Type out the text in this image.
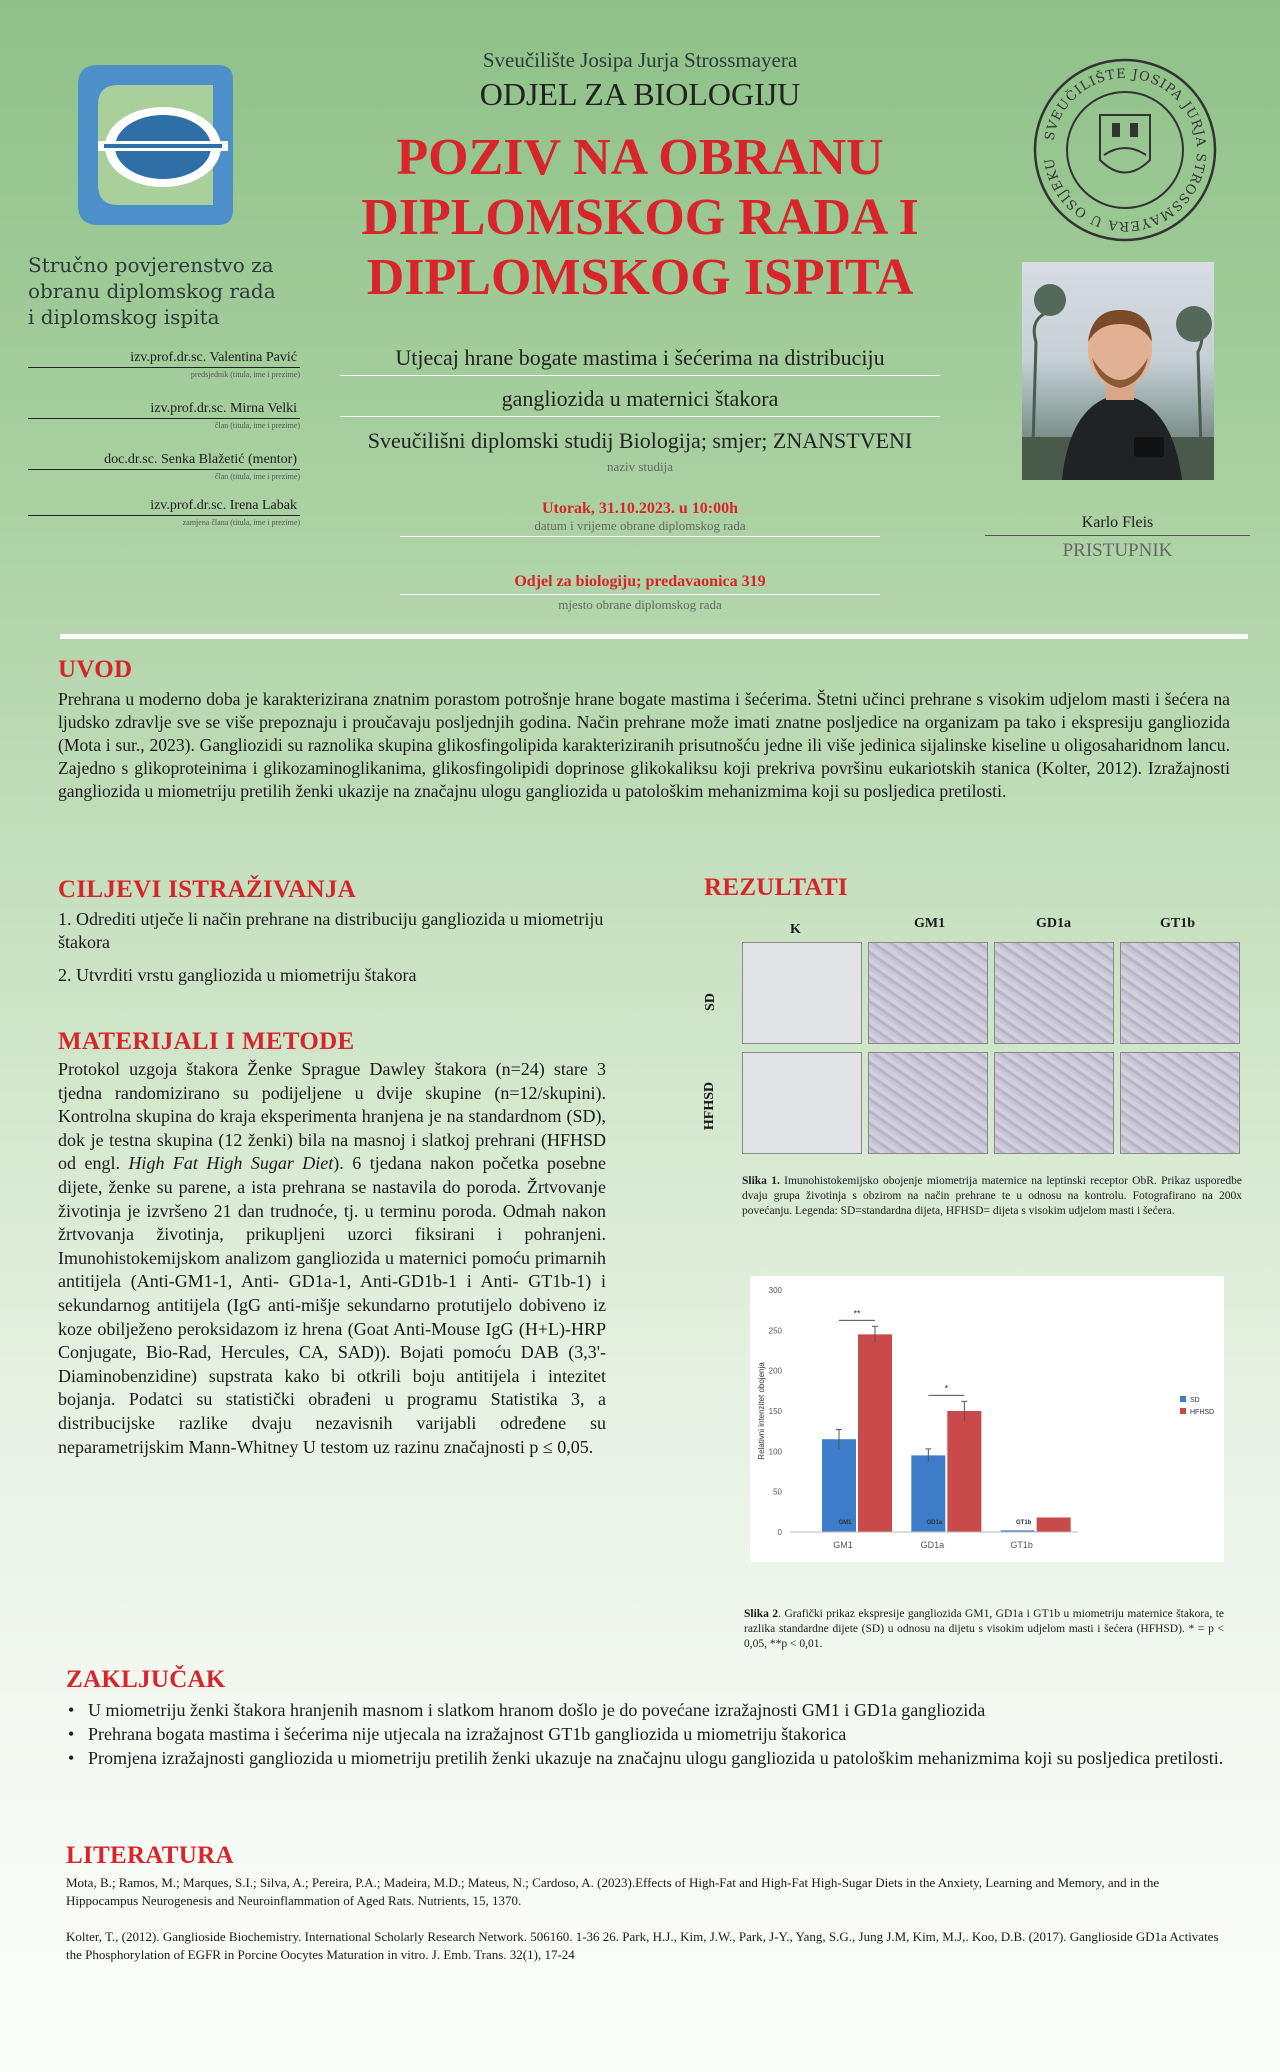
Stručno povjerenstvo za
obranu diplomskog rada
i diplomskog ispita
izv.prof.dr.sc. Valentina Pavić
predsjednik (titula, ime i prezime)
izv.prof.dr.sc. Mirna Velki
član (titula, ime i prezime)
doc.dr.sc. Senka Blažetić (mentor)
član (titula, ime i prezime)
izv.prof.dr.sc. Irena Labak
zamjena člana (titula, ime i prezime)
Sveučilište Josipa Jurja Strossmayera
ODJEL ZA BIOLOGIJU
POZIV NA OBRANU
DIPLOMSKOG RADA I
DIPLOMSKOG ISPITA
Utjecaj hrane bogate mastima i šećerima na distribuciju
gangliozida u maternici štakora
Sveučilišni diplomski studij Biologija; smjer; ZNANSTVENI
naziv studija
Utorak, 31.10.2023. u 10:00h
datum i vrijeme obrane diplomskog rada
Odjel za biologiju; predavaonica 319
mjesto obrane diplomskog rada
SVEUČILIŠTE JOSIPA JURJA STROSSMAYERA U OSIJEKU
Karlo Fleis
PRISTUPNIK
UVOD
Prehrana u moderno doba je karakterizirana znatnim porastom potrošnje hrane bogate mastima i šećerima. Štetni učinci prehrane s visokim udjelom masti i šećera na ljudsko zdravlje sve se više prepoznaju i proučavaju posljednjih godina. Način prehrane može imati znatne posljedice na organizam pa tako i ekspresiju gangliozida (Mota i sur., 2023). Gangliozidi su raznolika skupina glikosfingolipida karakteriziranih prisutnošću jedne ili više jedinica sijalinske kiseline u oligosaharidnom lancu. Zajedno s glikoproteinima i glikozaminoglikanima, glikosfingolipidi doprinose glikokaliksu koji prekriva površinu eukariotskih stanica (Kolter, 2012). Izražajnosti gangliozida u miometriju pretilih ženki ukazije na značajnu ulogu gangliozida u patološkim mehanizmima koji su posljedica pretilosti.
CILJEVI ISTRAŽIVANJA
1. Odrediti utječe li način prehrane na distribuciju gangliozida u miometriju štakora
2. Utvrditi vrstu gangliozida u miometriju štakora
MATERIJALI I METODE
Protokol uzgoja štakora Ženke Sprague Dawley štakora (n=24) stare 3 tjedna randomizirano su podijeljene u dvije skupine (n=12/skupini). Kontrolna skupina do kraja eksperimenta hranjena je na standardnom (SD), dok je testna skupina (12 ženki) bila na masnoj i slatkoj prehrani (HFHSD od engl. High Fat High Sugar Diet). 6 tjedana nakon početka posebne dijete, ženke su parene, a ista prehrana se nastavila do poroda. Žrtvovanje životinja je izvršeno 21 dan trudnoće, tj. u terminu poroda. Odmah nakon žrtvovanja životinja, prikupljeni uzorci fiksirani i pohranjeni. Imunohistokemijskom analizom gangliozida u maternici pomoću primarnih antitijela (Anti-GM1-1, Anti- GD1a-1, Anti-GD1b-1 i Anti- GT1b-1) i sekundarnog antitijela (IgG anti-mišje sekundarno protutijelo dobiveno iz koze obilježeno peroksidazom iz hrena (Goat Anti-Mouse IgG (H+L)-HRP Conjugate, Bio-Rad, Hercules, CA, SAD)). Bojati pomoću DAB (3,3'-Diaminobenzidine) supstrata kako bi otkrili boju antitijela i intezitet bojanja. Podatci su statistički obrađeni u programu Statistika 3, a distribucijske razlike dvaju nezavisnih varijabli određene su neparametrijskim Mann-Whitney U testom uz razinu značajnosti p ≤ 0,05.
REZULTATI
K	GM1	GD1a	GT1b
SD
HFHSD
Slika 1. Imunohistokemijsko obojenje miometrija maternice na leptinski receptor ObR. Prikaz usporedbe dvaju grupa životinja s obzirom na način prehrane te u odnosu na kontrolu. Fotografirano na 200x povećanju. Legenda: SD=standardna dijeta, HFHSD= dijeta s visokim udjelom masti i šećera.
0
50
100
150
200
250
300
Relativni intenzitet obojenja
**
GM1
GM1
*
GD1a
GD1a
GT1b
GT1b
SD
HFHSD
Slika 2. Grafički prikaz ekspresije gangliozida GM1, GD1a i GT1b u miometriju maternice štakora, te razlika standardne dijete (SD) u odnosu na dijetu s visokim udjelom masti i šećera (HFHSD). * = p < 0,05, **p < 0,01.
ZAKLJUČAK
• U miometriju ženki štakora hranjenih masnom i slatkom hranom došlo je do povećane izražajnosti GM1 i GD1a gangliozida
• Prehrana bogata mastima i šećerima nije utjecala na izražajnost GT1b gangliozida u miometriju štakorica
• Promjena izražajnosti gangliozida u miometriju pretilih ženki ukazuje na značajnu ulogu gangliozida u patološkim mehanizmima koji su posljedica pretilosti.
LITERATURA
Mota, B.; Ramos, M.; Marques, S.I.; Silva, A.; Pereira, P.A.; Madeira, M.D.; Mateus, N.; Cardoso, A. (2023).Effects of High-Fat and High-Fat High-Sugar Diets in the Anxiety, Learning and Memory, and in the Hippocampus Neurogenesis and Neuroinflammation of Aged Rats. Nutrients, 15, 1370.
Kolter, T., (2012). Ganglioside Biochemistry. International Scholarly Research Network. 506160. 1-36 26. Park, H.J., Kim, J.W., Park, J-Y., Yang, S.G., Jung J.M, Kim, M.J,. Koo, D.B. (2017). Ganglioside GD1a Activates the Phosphorylation of EGFR in Porcine Oocytes Maturation in vitro. J. Emb. Trans. 32(1), 17-24
